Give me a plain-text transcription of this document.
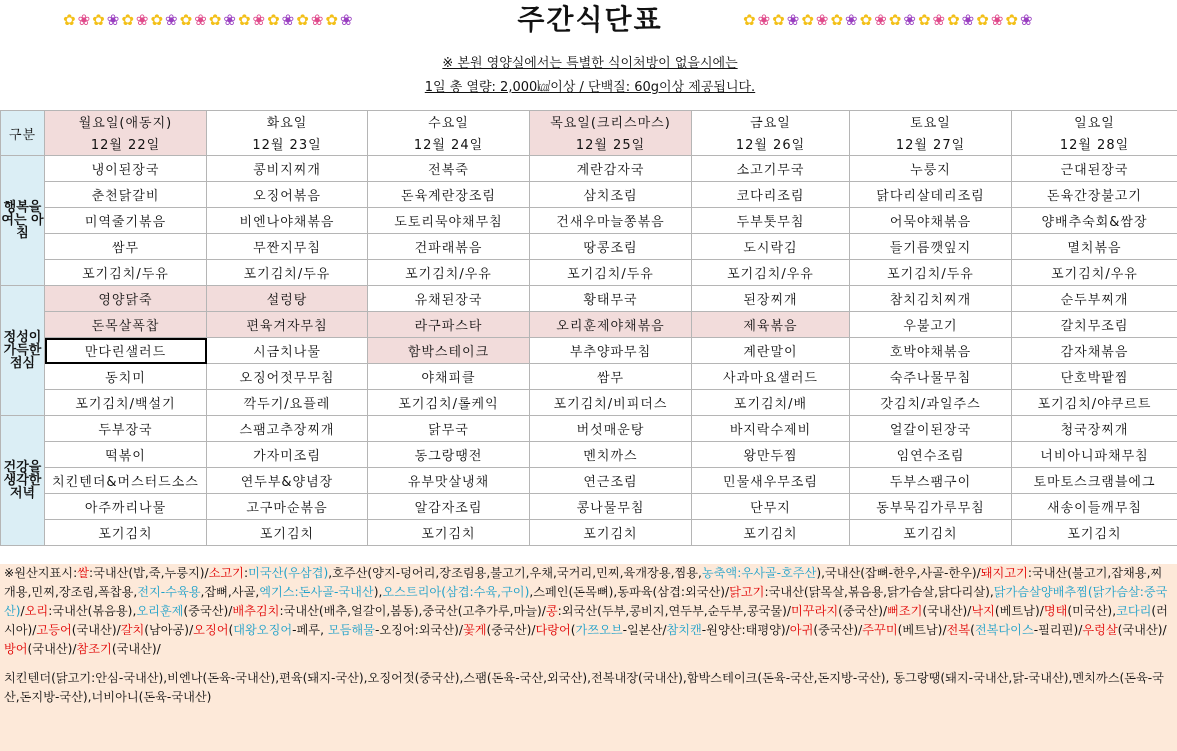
✿ ❀ ✿ ❀ ✿ ❀ ✿ ❀ ✿ ❀ ✿ ❀ ✿ ❀ ✿ ❀ ✿ ❀ ✿ ❀	주간식단표	✿ ❀ ✿ ❀ ✿ ❀ ✿ ❀ ✿ ❀ ✿ ❀ ✿ ❀ ✿ ❀ ✿ ❀ ✿ ❀
※ 본원 영양실에서는 특별한 식이처방이 없을시에는
1일 총 열량: 2,000㎉이상 / 단백질: 60g이상 제공됩니다.
구분	월요일(애동지)	화요일	수요일	목요일(크리스마스)	금요일	토요일	일요일
	12월 22일	12월 23일	12월 24일	12월 25일	12월 26일	12월 27일	12월 28일
행복을 여는 아침	냉이된장국	콩비지찌개	전복죽	계란감자국	소고기무국	누룽지	근대된장국
	춘천닭갈비	오징어볶음	돈육계란장조림	삼치조림	코다리조림	닭다리살데리조림	돈육간장불고기
	미역줄기볶음	비엔나야채볶음	도토리묵야채무침	건새우마늘쫑볶음	두부톳무침	어묵야채볶음	양배추숙회&쌈장
	쌈무	무짠지무침	건파래볶음	땅콩조림	도시락김	들기름깻잎지	멸치볶음
	포기김치/두유	포기김치/두유	포기김치/우유	포기김치/두유	포기김치/우유	포기김치/두유	포기김치/우유
정성이 가득한 점심	영양닭죽	설렁탕	유채된장국	황태무국	된장찌개	참치김치찌개	순두부찌개
	돈목살폭찹	편육겨자무침	라구파스타	오리훈제야채볶음	제육볶음	우불고기	갈치무조림
	만다린샐러드	시금치나물	함박스테이크	부추양파무침	계란말이	호박야채볶음	감자채볶음
	동치미	오징어젓무무침	야채피클	쌈무	사과마요샐러드	숙주나물무침	단호박팥찜
	포기김치/백설기	깍두기/요플레	포기김치/롤케익	포기김치/비피더스	포기김치/배	갓김치/과일주스	포기김치/야쿠르트
건강을 생각한 저녁	두부장국	스팸고추장찌개	닭무국	버섯매운탕	바지락수제비	얼갈이된장국	청국장찌개
	떡볶이	가자미조림	동그랑땡전	멘치까스	왕만두찜	임연수조림	너비아니파채무침
	치킨텐더&머스터드소스	연두부&양념장	유부맛살냉채	연근조림	민물새우무조림	두부스팸구이	토마토스크램블에그
	아주까리나물	고구마순볶음	알감자조림	콩나물무침	단무지	동부묵김가루무침	새송이들깨무침
	포기김치	포기김치	포기김치	포기김치	포기김치	포기김치	포기김치

※원산지표시:쌀:국내산(밥,죽,누룽지)/소고기:미국산(우삼겹),호주산(양지-덩어리,장조림용,불고기,우채,국거리,민찌,육개장용,찜용,농축액:우사골-호주산),국내산(잡뼈-한우,사골-한우)/돼지고기:국내산(불고기,잡채용,찌개용,민찌,장조림,폭찹용,전지-수육용,잡뼈,사골,엑기스:돈사골-국내산),오스트리아(삼겹:수육,구이),스페인(돈목뼈),동파육(삼겹:외국산)/닭고기:국내산(닭목살,볶음용,닭가슴살,닭다리살),닭가슴살양배추찜(닭가슴살:중국산)/오리:국내산(볶음용),오리훈제(중국산)/배추김치:국내산(배추,얼갈이,봄동),중국산(고추가루,마늘)/콩:외국산(두부,콩비지,연두부,순두부,콩국물)/미꾸라지(중국산)/뻐조기(국내산)/낙지(베트남)/명태(미국산),코다리(러시아)/고등어(국내산)/갈치(남아공)/오징어(대왕오징어-페루, 모듬해물-오징어:외국산)/꽃게(중국산)/다랑어(가쯔오브-일본산/참치캔-원양산:태평양)/아귀(중국산)/주꾸미(베트남)/전복(전복다이스-필리핀)/우렁살(국내산)/방어(국내산)/참조기(국내산)/

치킨텐더(닭고기:안심-국내산),비엔나(돈육-국내산),편육(돼지-국산),오징어젓(중국산),스팸(돈육-국산,외국산),전복내장(국내산),함박스테이크(돈육-국산,돈지방-국산), 동그랑땡(돼지-국내산,닭-국내산),멘치까스(돈육-국산,돈지방-국산),너비아니(돈육-국내산)
